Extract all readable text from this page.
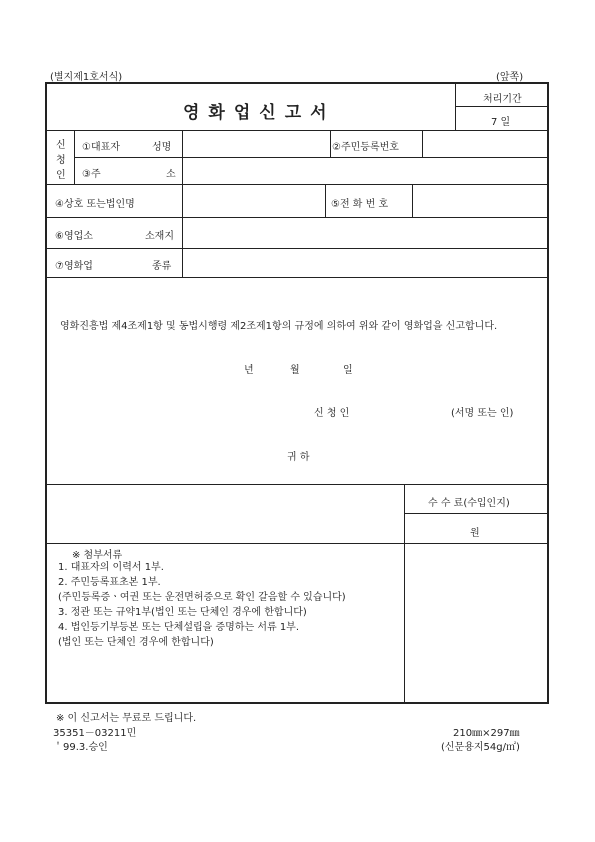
(별지제1호서식)	(앞쪽)
영화업신고서
처리기간
7 일
신
청
인
①대표자	성명	②주민등록번호
③주	소
④상호 또는법인명	⑤전 화 번 호
⑥영업소	소재지
⑦영화업	종류
영화진흥법 제4조제1항 및 동법시행령 제2조제1항의 규정에 의하여 위와 같이 영화업을 신고합니다.
년	월	일
신 청 인	(서명 또는 인)
귀 하
수 수 료(수입인지)
원
※ 첨부서류
1. 대표자의 이력서 1부.
2. 주민등록표초본 1부.
(주민등록증ㆍ여권 또는 운전면허증으로 확인 갈음할 수 있습니다)
3. 정관 또는 규약1부(법인 또는 단체인 경우에 한합니다)
4. 법인등기부등본 또는 단체설립을 증명하는 서류 1부.
(법인 또는 단체인 경우에 한합니다)
※ 이 신고서는 무료로 드립니다.
35351－03211민
＇99.3.승인
210㎜×297㎜
(신문용지54g/㎡)
